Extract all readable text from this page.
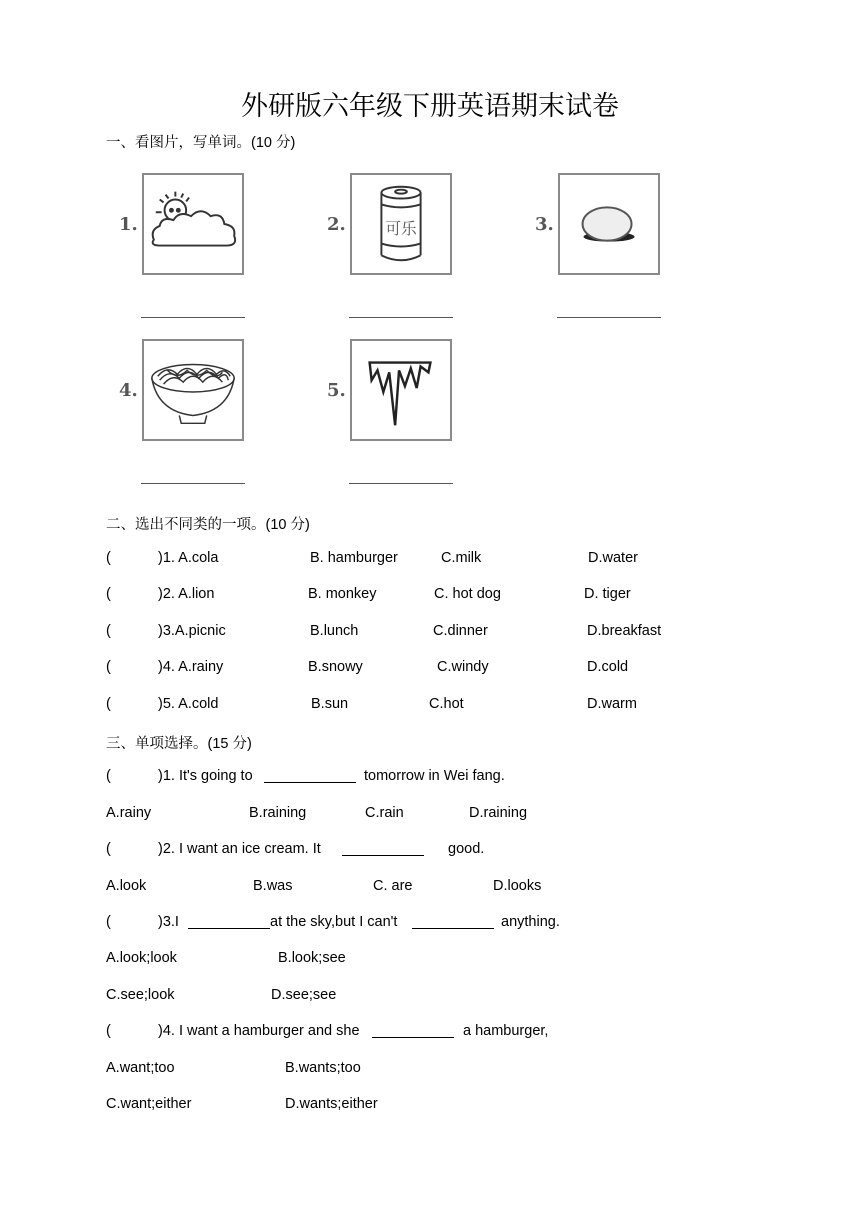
外研版六年级下册英语期末试卷
一、看图片，写单词。(10 分)
1.	2. 可乐	3.
4.	5.
二、选出不同类的一项。(10 分)
(	)1. A.cola	B. hamburger	C.milk	D.water
(	)2. A.lion	B. monkey	C. hot dog	D. tiger
(	)3.A.picnic	B.lunch	C.dinner	D.breakfast
(	)4. A.rainy	B.snowy	C.windy	D.cold
(	)5. A.cold	B.sun	C.hot	D.warm
三、单项选择。(15 分)
(	)1. It's going to	tomorrow in Wei fang.
A.rainy	B.raining	C.rain	D.raining
(	)2. I want an ice cream. It	good.
A.look	B.was	C. are	D.looks
(	)3.I	at the sky,but I can't	anything.
A.look;look	B.look;see
C.see;look	D.see;see
(	)4. I want a hamburger and she	a hamburger,
A.want;too	B.wants;too
C.want;either	D.wants;either
